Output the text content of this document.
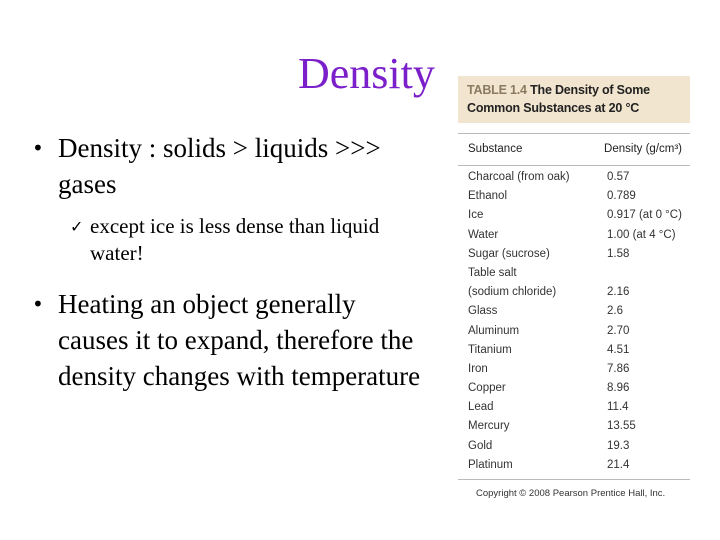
Density
• Density : solids > liquids >>> gases
✓ except ice is less dense than liquid water!
• Heating an object generally causes it to expand, therefore the density changes with temperature
TABLE 1.4 The Density of Some Common Substances at 20 °C
Substance	Density (g/cm³)
Charcoal (from oak)	0.57
Ethanol	0.789
Ice	0.917 (at 0 °C)
Water	1.00 (at 4 °C)
Sugar (sucrose)	1.58
Table salt
(sodium chloride)	2.16
Glass	2.6
Aluminum	2.70
Titanium	4.51
Iron	7.86
Copper	8.96
Lead	11.4
Mercury	13.55
Gold	19.3
Platinum	21.4
Copyright © 2008 Pearson Prentice Hall, Inc.
